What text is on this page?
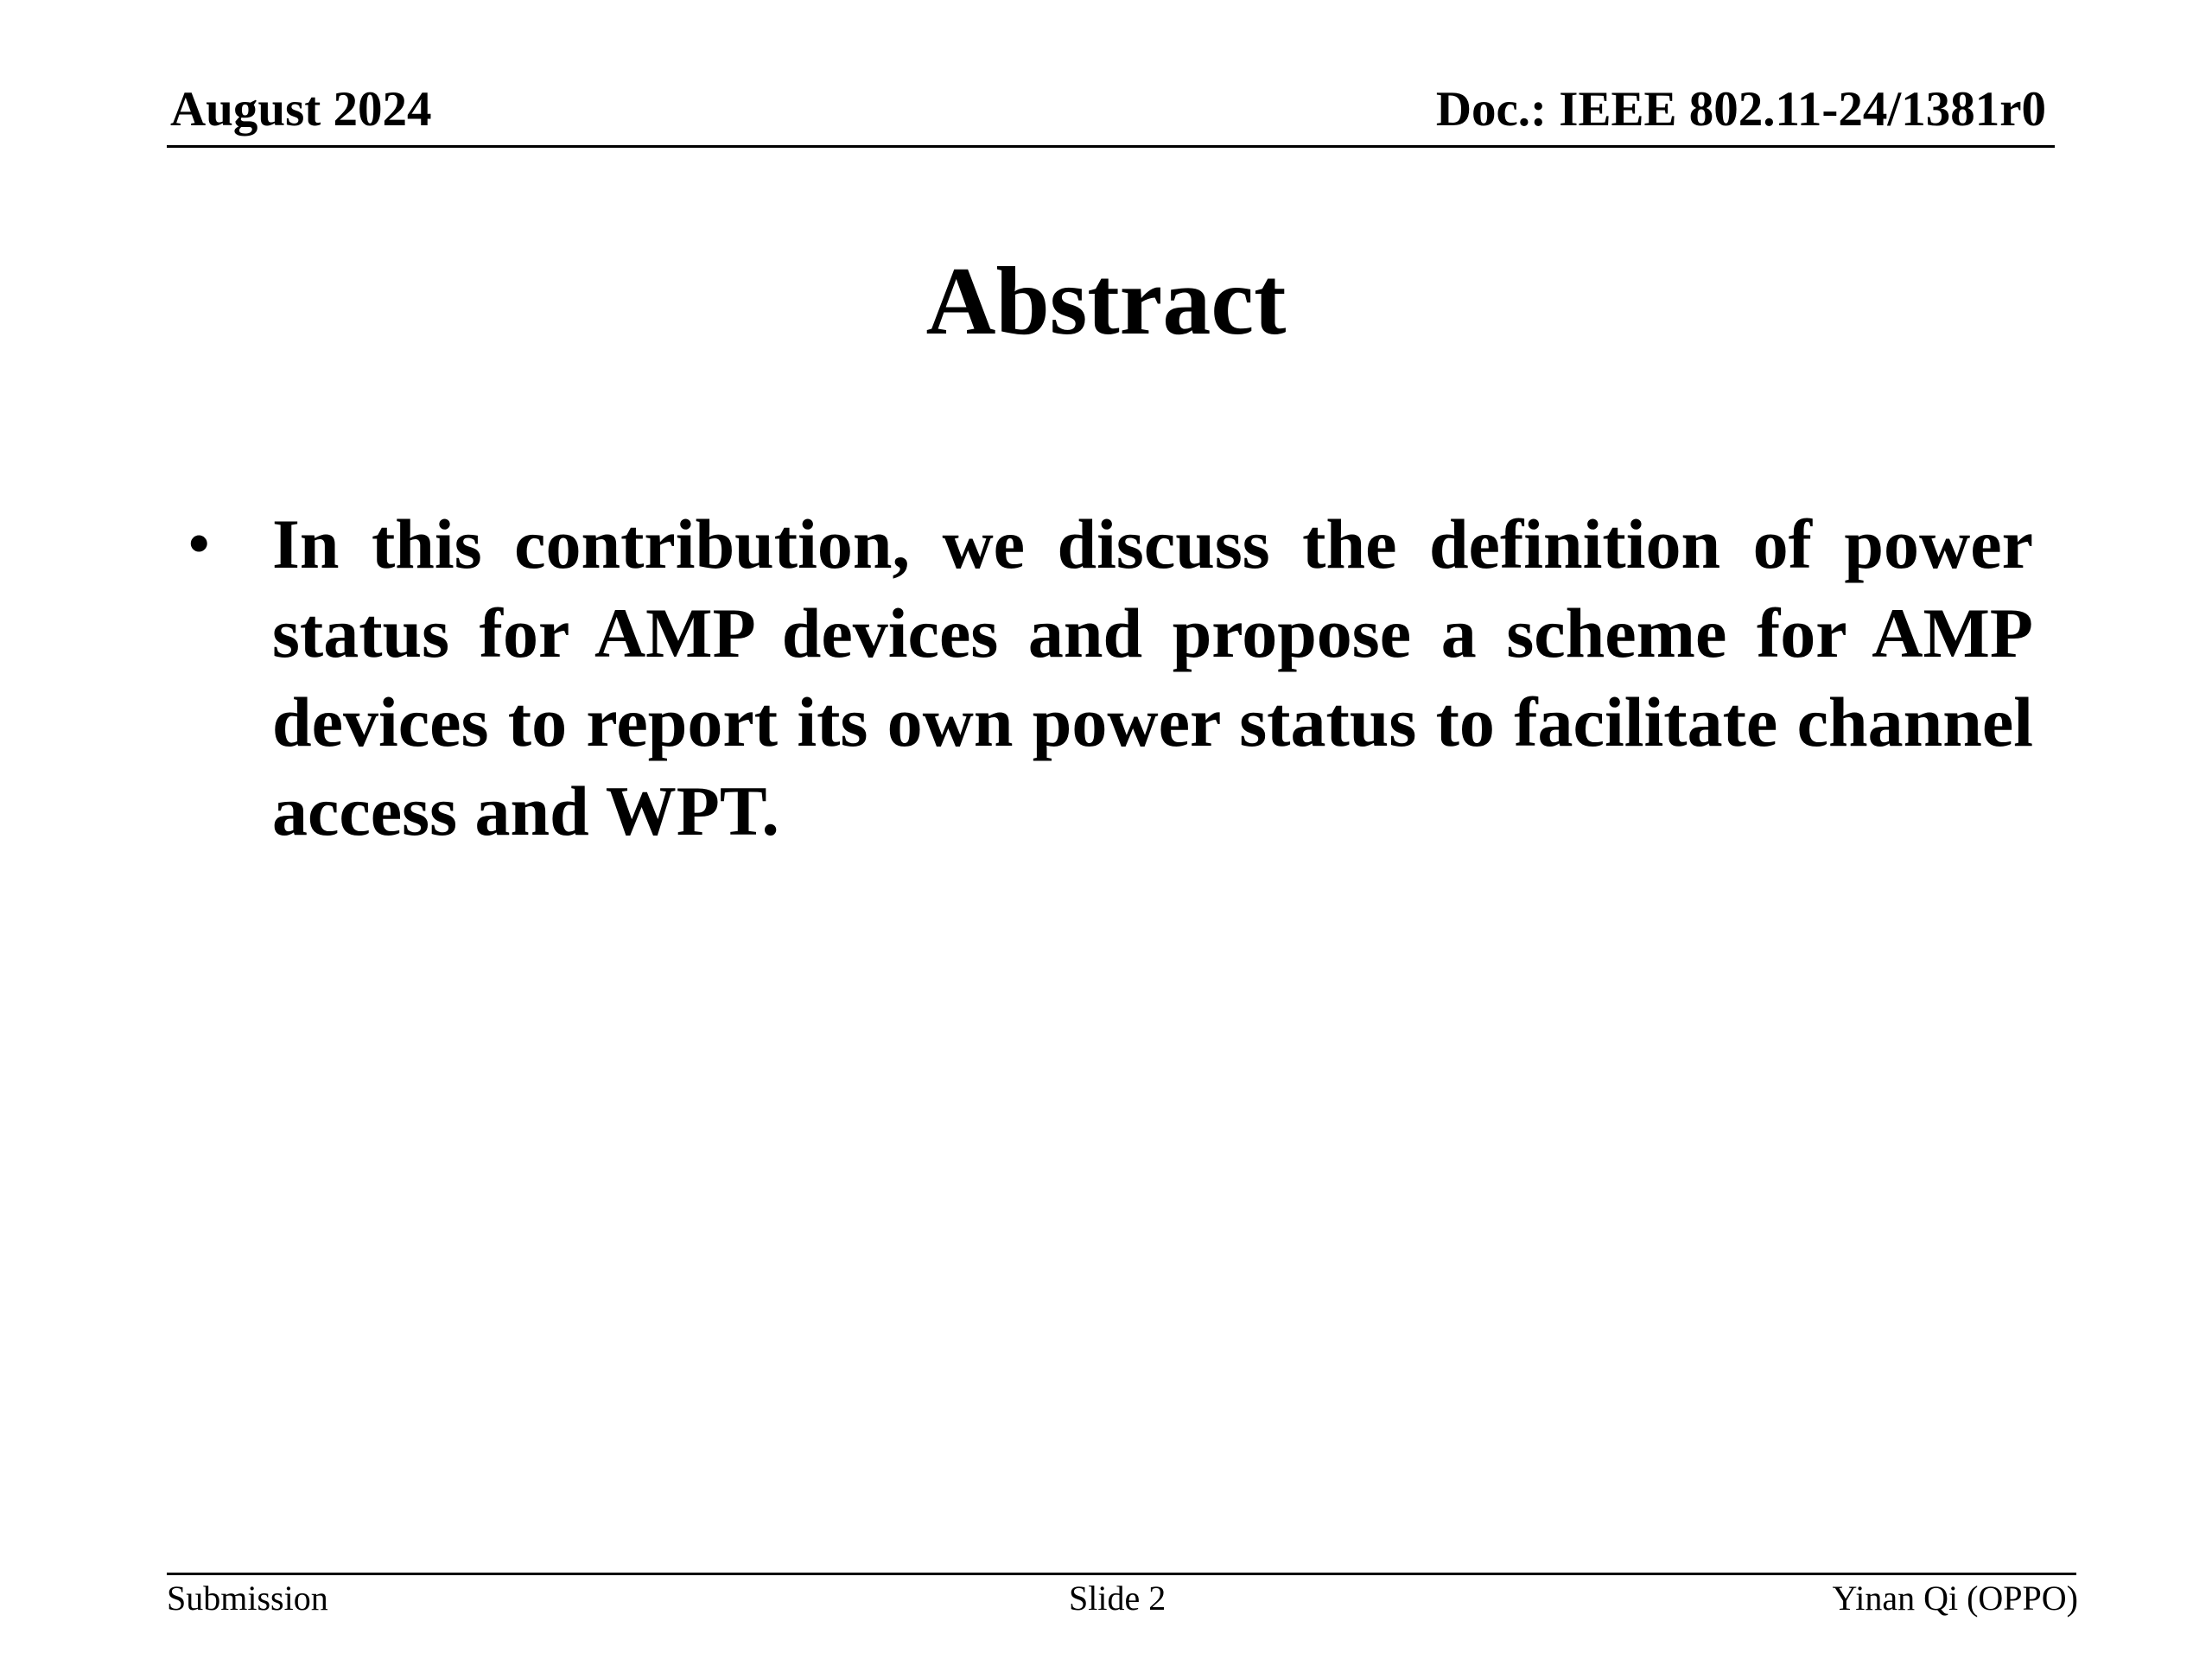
August 2024	Doc.: IEEE 802.11-24/1381r0
Abstract
• In this contribution, we discuss the definition of power status for AMP devices and propose a scheme for AMP devices to report its own power status to facilitate channel access and WPT.
Submission	Slide 2	Yinan Qi (OPPO)
